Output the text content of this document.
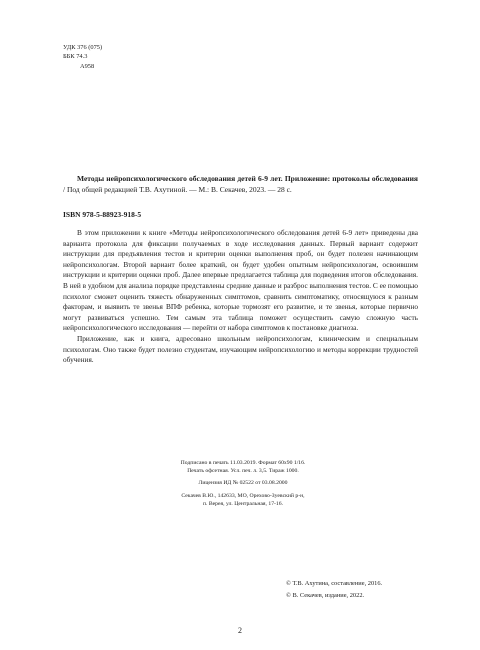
УДК 376 (075)
ББК 74.3
А958
Методы нейропсихологического обследования детей 6-9 лет. Приложение: протоколы обследования / Под общей редакцией Т.В. Ахутиной. — М.: В. Секачев, 2023. — 28 с.
ISBN 978-5-88923-918-5

В этом приложении к книге «Методы нейропсихологического обследования детей 6-9 лет» приведены два варианта протокола для фиксации получаемых в ходе исследования данных. Первый вариант содержит инструкции для предъявления тестов и критерии оценки выполнения проб, он будет полезен начинающим нейропсихологам. Второй вариант более краткий, он будет удобен опытным нейропсихологам, освоившим инструкции и критерии оценки проб. Далее впервые предлагается таблица для подведения итогов обследования. В ней в удобном для анализа порядке представлены средние данные и разброс выполнения тестов. С ее помощью психолог сможет оценить тяжесть обнаруженных симптомов, сравнить симптоматику, относящуюся к разным факторам, и выявить те звенья ВПФ ребенка, которые тормозят его развитие, и те звенья, которые первично могут развиваться успешно. Тем самым эта таблица поможет осуществить самую сложную часть нейропсихологического исследования — перейти от набора симптомов к постановке диагноза.

Приложение, как и книга, адресовано школьным нейропсихологам, клиническим и специальным психологам. Оно также будет полезно студентам, изучающим нейропсихологию и методы коррекции трудностей обучения.

Подписано в печать 11.03.2019. Формат 60х90 1/16.
Печать офсетная. Усл. печ. л. 3,5. Тираж 1000.
Лицензия ИД № 02522 от 03.08.2000
Секачев В.Ю., 142633, МО, Орехово-Зуевский р-н,
п. Верея, ул. Центральная, 17-16.
© Т.В. Ахутина, составление, 2016.
© В. Секачев, издание, 2022.
2
